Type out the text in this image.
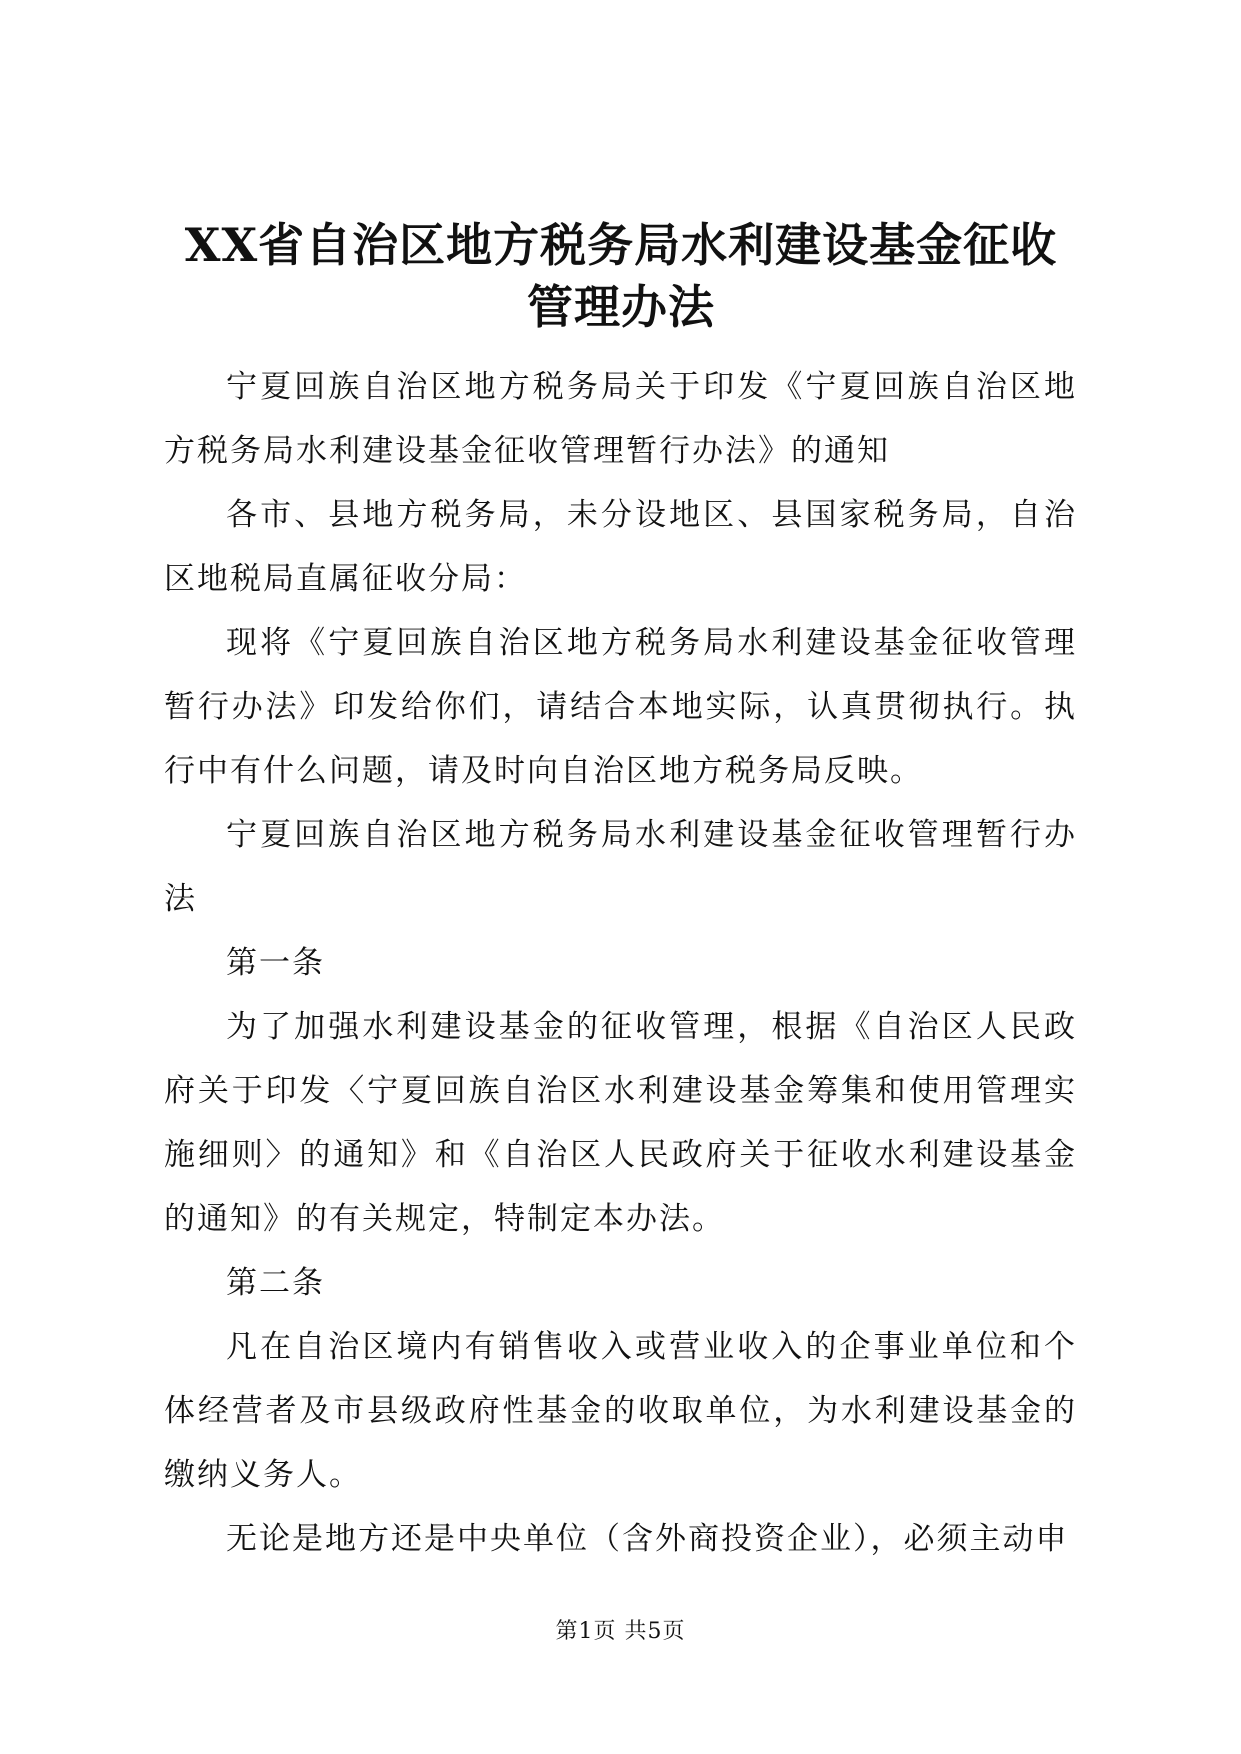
XX省自治区地方税务局水利建设基金征收管理办法

宁夏回族自治区地方税务局关于印发《宁夏回族自治区地方税务局水利建设基金征收管理暂行办法》的通知

各市、县地方税务局，未分设地区、县国家税务局，自治区地税局直属征收分局：

现将《宁夏回族自治区地方税务局水利建设基金征收管理暂行办法》印发给你们，请结合本地实际，认真贯彻执行。执行中有什么问题，请及时向自治区地方税务局反映。

宁夏回族自治区地方税务局水利建设基金征收管理暂行办法

第一条

为了加强水利建设基金的征收管理，根据《自治区人民政府关于印发〈宁夏回族自治区水利建设基金筹集和使用管理实施细则〉的通知》和《自治区人民政府关于征收水利建设基金的通知》的有关规定，特制定本办法。

第二条

凡在自治区境内有销售收入或营业收入的企事业单位和个体经营者及市县级政府性基金的收取单位，为水利建设基金的缴纳义务人。

无论是地方还是中央单位（含外商投资企业），必须主动申

第1页 共5页
